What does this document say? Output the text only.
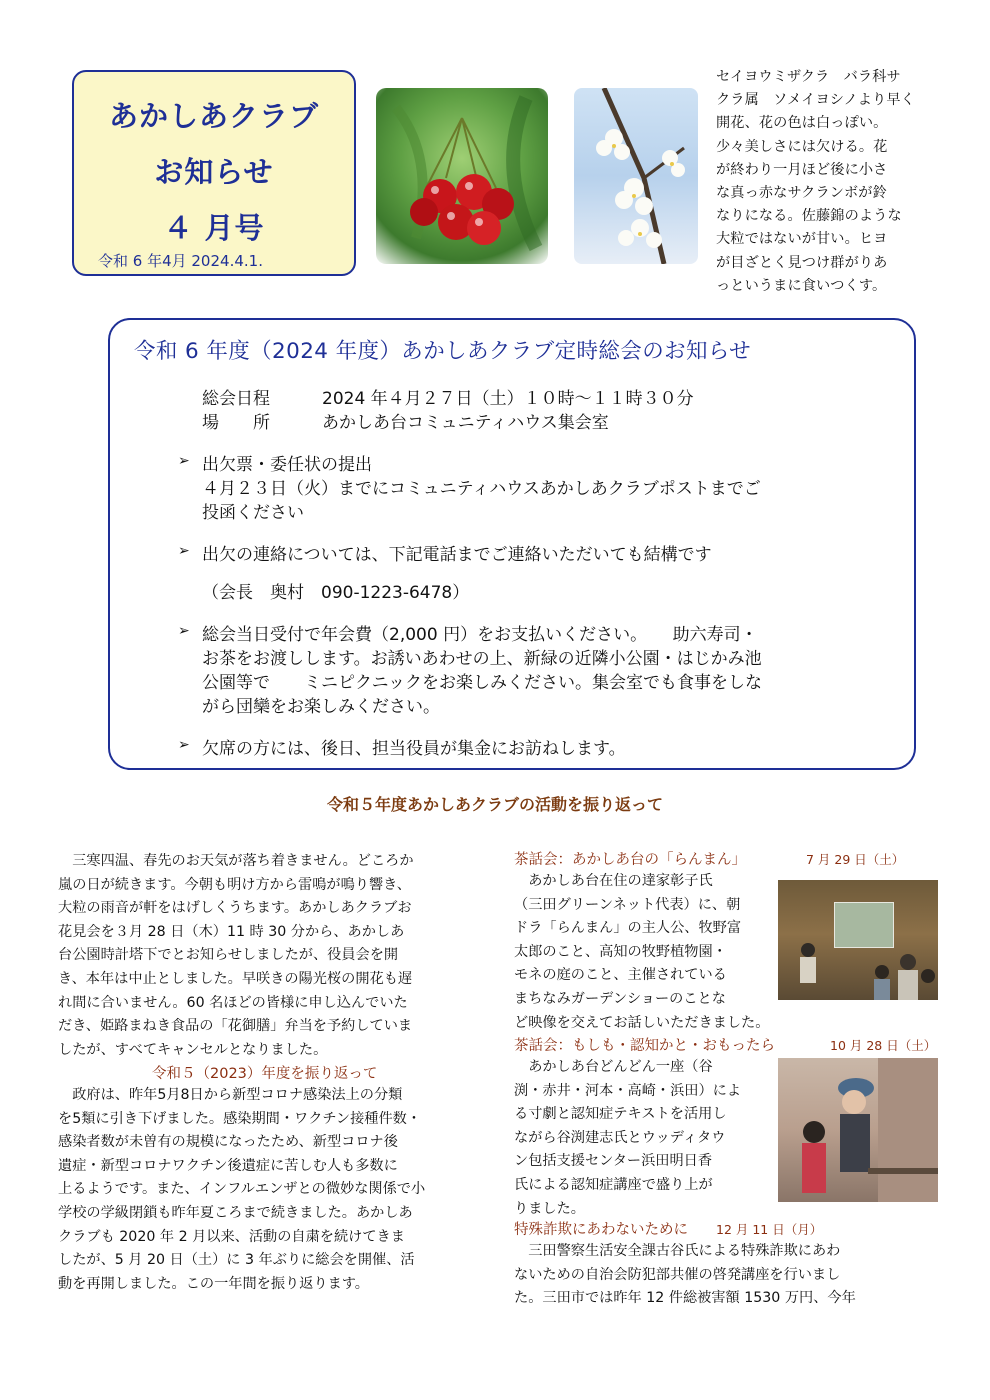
あかしあクラブ
お知らせ
４ 月号
令和 6 年4月 2024.4.1.
セイヨウミザクラ　バラ科サ
クラ属　ソメイヨシノより早く
開花、花の色は白っぽい。
少々美しさには欠ける。花
が終わり一月ほど後に小さ
な真っ赤なサクランボが鈴
なりになる。佐藤錦のような
大粒ではないが甘い。ヒヨ
が目ざとく見つけ群がりあ
っというまに食いつくす。
令和 6 年度（2024 年度）あかしあクラブ定時総会のお知らせ
総会日程	2024 年４月２７日（土）１０時～１１時３０分
場　　所	あかしあ台コミュニティハウス集会室
➢ 出欠票・委任状の提出
４月２３日（火）までにコミュニティハウスあかしあクラブポストまでご
投函ください
➢ 出欠の連絡については、下記電話までご連絡いただいても結構です
（会長　奥村　090-1223-6478）
➢ 総会当日受付で年会費（2,000 円）をお支払いください。　　助六寿司・
お茶をお渡しします。お誘いあわせの上、新緑の近隣小公園・はじかみ池
公園等で　　ミニピクニックをお楽しみください。集会室でも食事をしな
がら団欒をお楽しみください。
➢ 欠席の方には、後日、担当役員が集金にお訪ねします。
令和５年度あかしあクラブの活動を振り返って
　三寒四温、春先のお天気が落ち着きません。どころか
嵐の日が続きます。今朝も明け方から雷鳴が鳴り響き、
大粒の雨音が軒をはげしくうちます。あかしあクラブお
花見会を３月 28 日（木）11 時 30 分から、あかしあ
台公園時計塔下でとお知らせしましたが、役員会を開
き、本年は中止としました。早咲きの陽光桜の開花も遅
れ間に合いません。60 名ほどの皆様に申し込んでいた
だき、姫路まねき食品の「花御膳」弁当を予約していま
したが、すべてキャンセルとなりました。
令和５（2023）年度を振り返って
　政府は、昨年5月8日から新型コロナ感染法上の分類
を5類に引き下げました。感染期間・ワクチン接種件数・
感染者数が未曽有の規模になったため、新型コロナ後
遺症・新型コロナワクチン後遺症に苦しむ人も多数に
上るようです。また、インフルエンザとの微妙な関係で小
学校の学級閉鎖も昨年夏ころまで続きました。あかしあ
クラブも 2020 年 2 月以来、活動の自粛を続けてきま
したが、5 月 20 日（土）に 3 年ぶりに総会を開催、活
動を再開しました。この一年間を振り返ります。
茶話会：あかしあ台の「らんまん」	7 月 29 日（土）
　あかしあ台在住の達家彰子氏
（三田グリーンネット代表）に、朝
ドラ「らんまん」の主人公、牧野富
太郎のこと、高知の牧野植物園・
モネの庭のこと、主催されている
まちなみガーデンショーのことな
ど映像を交えてお話しいただきました。
茶話会：もしも・認知かと・おもったら	10 月 28 日（土）
　あかしあ台どんどん一座（谷
渕・赤井・河本・高崎・浜田）によ
る寸劇と認知症テキストを活用し
ながら谷渕建志氏とウッディタウ
ン包括支援センター浜田明日香
氏による認知症講座で盛り上が
りました。
特殊詐欺にあわないために 12 月 11 日（月）
　三田警察生活安全課古谷氏による特殊詐欺にあわ
ないための自治会防犯部共催の啓発講座を行いまし
た。三田市では昨年 12 件総被害額 1530 万円、今年
